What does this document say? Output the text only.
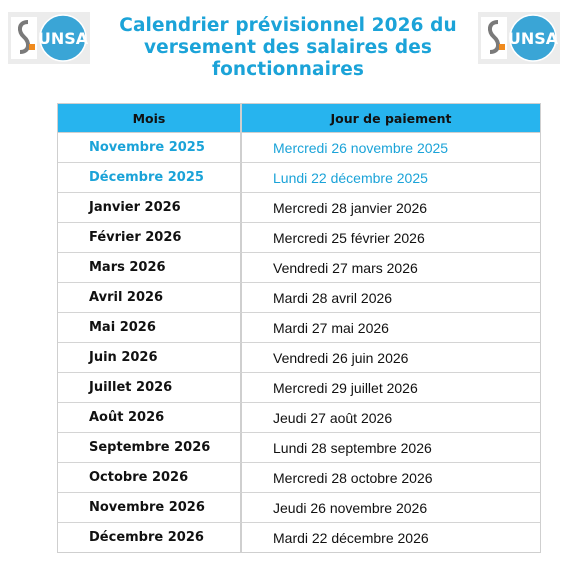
UNSA
Calendrier prévisionnel 2026 du
versement des salaires des
fonctionnaires
UNSA
Mois	Jour de paiement
Novembre 2025	Mercredi 26 novembre 2025
Décembre 2025	Lundi 22 décembre 2025
Janvier 2026	Mercredi 28 janvier 2026
Février 2026	Mercredi 25 février 2026
Mars 2026	Vendredi 27 mars 2026
Avril 2026	Mardi 28 avril 2026
Mai 2026	Mardi 27 mai 2026
Juin 2026	Vendredi 26 juin 2026
Juillet 2026	Mercredi 29 juillet 2026
Août 2026	Jeudi 27 août 2026
Septembre 2026	Lundi 28 septembre 2026
Octobre 2026	Mercredi 28 octobre 2026
Novembre 2026	Jeudi 26 novembre 2026
Décembre 2026	Mardi 22 décembre 2026
